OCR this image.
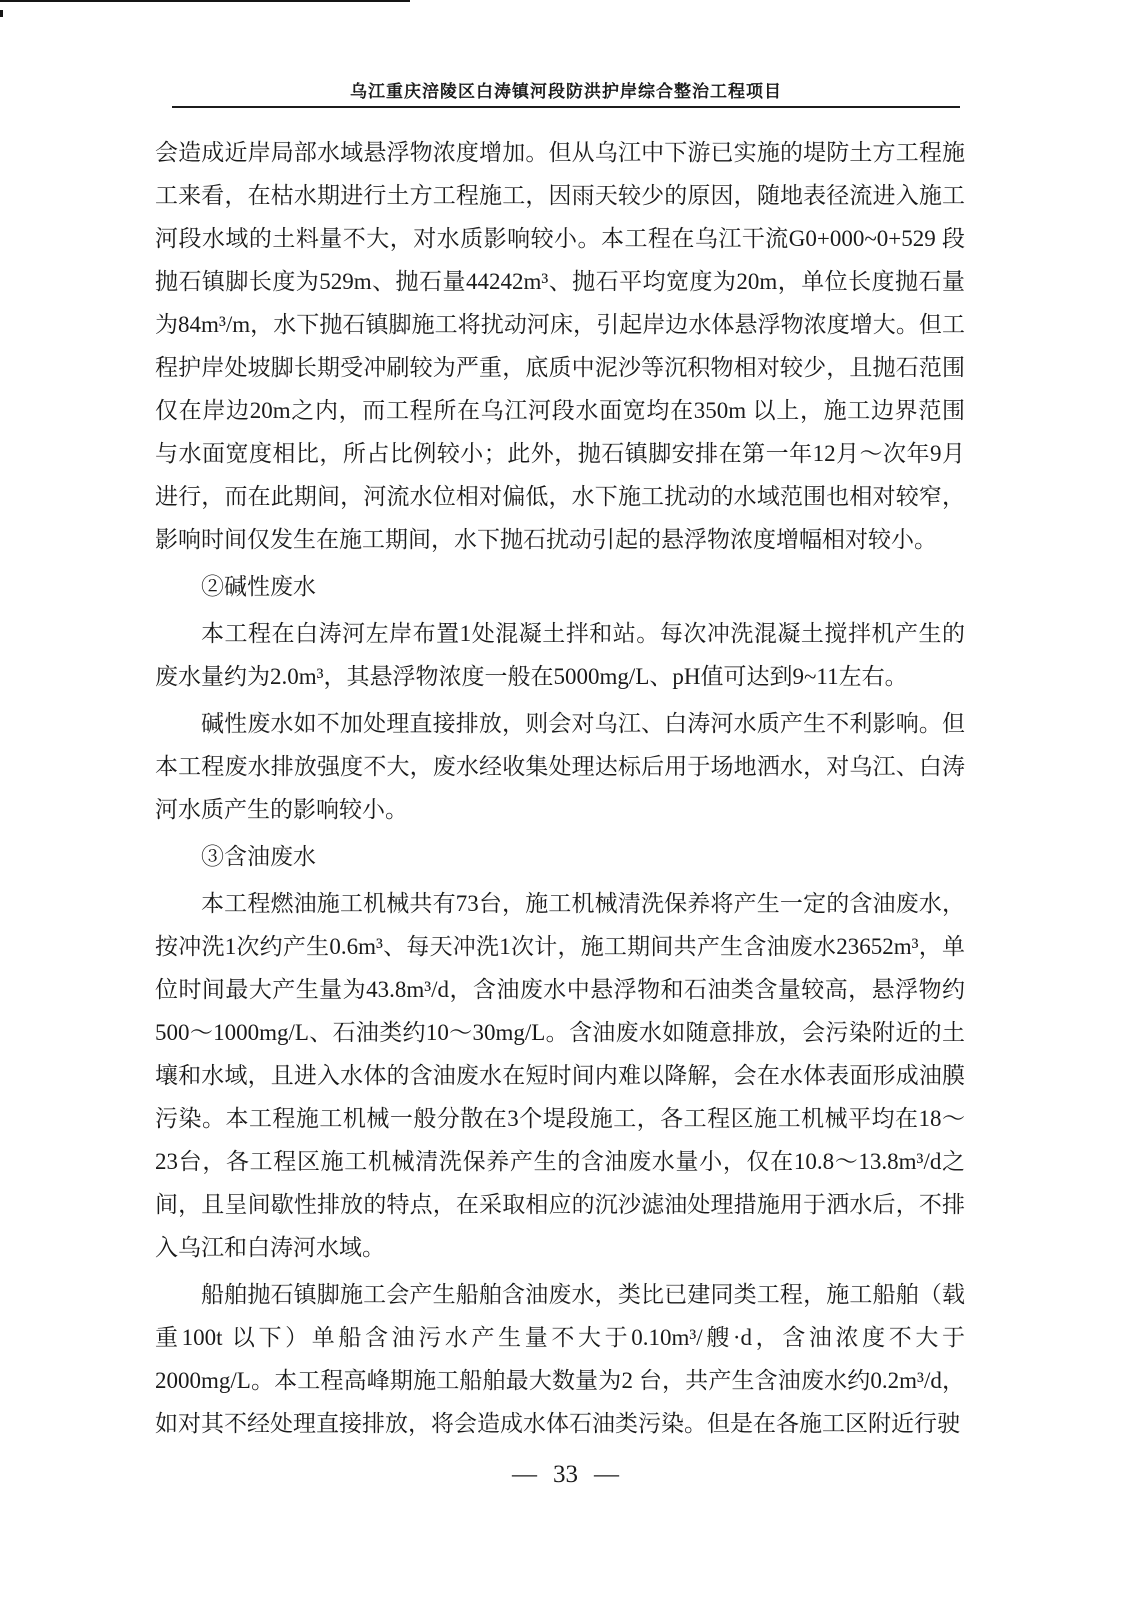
乌江重庆涪陵区白涛镇河段防洪护岸综合整治工程项目

会造成近岸局部水域悬浮物浓度增加。但从乌江中下游已实施的堤防土方工程施工来看，在枯水期进行土方工程施工，因雨天较少的原因，随地表径流进入施工河段水域的土料量不大，对水质影响较小。本工程在乌江干流G0+000~0+529 段抛石镇脚长度为529m、抛石量44242m³、抛石平均宽度为20m，单位长度抛石量为84m³/m，水下抛石镇脚施工将扰动河床，引起岸边水体悬浮物浓度增大。但工程护岸处坡脚长期受冲刷较为严重，底质中泥沙等沉积物相对较少，且抛石范围仅在岸边20m之内，而工程所在乌江河段水面宽均在350m 以上，施工边界范围与水面宽度相比，所占比例较小；此外，抛石镇脚安排在第一年12月～次年9月进行，而在此期间，河流水位相对偏低，水下施工扰动的水域范围也相对较窄，影响时间仅发生在施工期间，水下抛石扰动引起的悬浮物浓度增幅相对较小。

②碱性废水

本工程在白涛河左岸布置1处混凝土拌和站。每次冲洗混凝土搅拌机产生的废水量约为2.0m³，其悬浮物浓度一般在5000mg/L、pH值可达到9~11左右。

碱性废水如不加处理直接排放，则会对乌江、白涛河水质产生不利影响。但本工程废水排放强度不大，废水经收集处理达标后用于场地洒水，对乌江、白涛河水质产生的影响较小。

③含油废水

本工程燃油施工机械共有73台，施工机械清洗保养将产生一定的含油废水，按冲洗1次约产生0.6m³、每天冲洗1次计，施工期间共产生含油废水23652m³，单位时间最大产生量为43.8m³/d，含油废水中悬浮物和石油类含量较高，悬浮物约500～1000mg/L、石油类约10～30mg/L。含油废水如随意排放，会污染附近的土壤和水域，且进入水体的含油废水在短时间内难以降解，会在水体表面形成油膜污染。本工程施工机械一般分散在3个堤段施工，各工程区施工机械平均在18～23台，各工程区施工机械清洗保养产生的含油废水量小，仅在10.8～13.8m³/d之间，且呈间歇性排放的特点，在采取相应的沉沙滤油处理措施用于洒水后，不排入乌江和白涛河水域。

船舶抛石镇脚施工会产生船舶含油废水，类比已建同类工程，施工船舶（载重100t 以下）单船含油污水产生量不大于0.10m³/艘·d，含油浓度不大于2000mg/L。本工程高峰期施工船舶最大数量为2 台，共产生含油废水约0.2m³/d，如对其不经处理直接排放，将会造成水体石油类污染。但是在各施工区附近行驶

— 33 —
